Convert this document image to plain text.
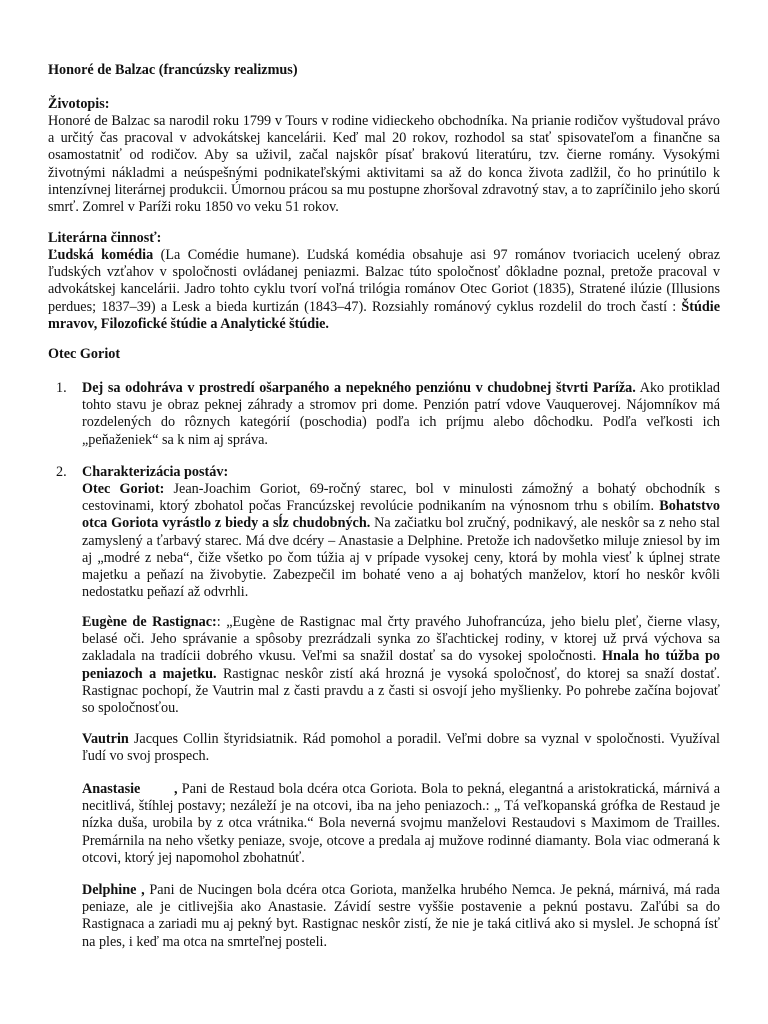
Honoré de Balzac (francúzsky realizmus)

Životopis:

Honoré de Balzac sa narodil roku 1799 v Tours v rodine vidieckeho obchodníka. Na prianie rodičov vyštudoval právo a určitý čas pracoval v advokátskej kancelárii. Keď mal 20 rokov, rozhodol sa stať spisovateľom a finančne sa osamostatniť od rodičov. Aby sa uživil, začal najskôr písať brakovú literatúru, tzv. čierne romány. Vysokými životnými nákladmi a neúspešnými podnikateľskými aktivitami sa až do konca života zadlžil, čo ho prinútilo k intenzívnej literárnej produkcii. Úmornou prácou sa mu postupne zhoršoval zdravotný stav, a to zapríčinilo jeho skorú smrť. Zomrel v Paríži roku 1850 vo veku 51 rokov.

Literárna činnosť:

Ľudská komédia (La Comédie humane). Ľudská komédia obsahuje asi 97 románov tvoriacich ucelený obraz ľudských vzťahov v spoločnosti ovládanej peniazmi. Balzac túto spoločnosť dôkladne poznal, pretože pracoval v advokátskej kancelárii. Jadro tohto cyklu tvorí voľná trilógia románov Otec Goriot (1835), Stratené ilúzie (Illusions perdues; 1837–39) a Lesk a bieda kurtizán (1843–47). Rozsiahly románový cyklus rozdelil do troch častí : Štúdie mravov, Filozofické štúdie a Analytické štúdie.

Otec Goriot

1. Dej sa odohráva v prostredí ošarpaného a nepekného penziónu v chudobnej štvrti Paríža. Ako protiklad tohto stavu je obraz peknej záhrady a stromov pri dome. Penzión patrí vdove Vauquerovej. Nájomníkov má rozdelených do rôznych kategórií (poschodia) podľa ich príjmu alebo dôchodku. Podľa veľkosti ich „peňaženiek“ sa k nim aj správa.

2. Charakterizácia postáv:

Otec Goriot: Jean-Joachim Goriot, 69-ročný starec, bol v minulosti zámožný a bohatý obchodník s cestovinami, ktorý zbohatol počas Francúzskej revolúcie podnikaním na výnosnom trhu s obilím. Bohatstvo otca Goriota vyrástlo z biedy a sĺz chudobných. Na začiatku bol zručný, podnikavý, ale neskôr sa z neho stal zamyslený a ťarbavý starec. Má dve dcéry – Anastasie a Delphine. Pretože ich nadovšetko miluje zniesol by im aj „modré z neba“, čiže všetko po čom túžia aj v prípade vysokej ceny, ktorá by mohla viesť k úplnej strate majetku a peňazí na živobytie. Zabezpečil im bohaté veno a aj bohatých manželov, ktorí ho neskôr kvôli nedostatku peňazí až odvrhli.

Eugène de Rastignac:: „Eugène de Rastignac mal črty pravého Juhofrancúza, jeho bielu pleť, čierne vlasy, belasé oči. Jeho správanie a spôsoby prezrádzali synka zo šľachtickej rodiny, v ktorej už prvá výchova sa zakladala na tradícii dobrého vkusu. Veľmi sa snažil dostať sa do vysokej spoločnosti. Hnala ho túžba po peniazoch a majetku. Rastignac neskôr zistí aká hrozná je vysoká spoločnosť, do ktorej sa snaží dostať. Rastignac pochopí, že Vautrin mal z časti pravdu a z časti si osvojí jeho myšlienky. Po pohrebe začína bojovať so spoločnosťou.

Vautrin Jacques Collin štyridsiatnik. Rád pomohol a poradil. Veľmi dobre sa vyznal v spoločnosti. Využíval ľudí vo svoj prospech.

Anastasie        , Pani de Restaud bola dcéra otca Goriota. Bola to pekná, elegantná a aristokratická, márnivá a necitlivá, štíhlej postavy; nezáleží je na otcovi, iba na jeho peniazoch.: „ Tá veľkopanská grófka de Restaud je nízka duša, urobila by z otca vrátnika.“ Bola neverná svojmu manželovi Restaudovi s Maximom de Trailles. Premárnila na neho všetky peniaze, svoje, otcove a predala aj mužove rodinné diamanty. Bola viac odmeraná k otcovi, ktorý jej napomohol zbohatnúť.

Delphine , Pani de Nucingen bola dcéra otca Goriota, manželka hrubého Nemca. Je pekná, márnivá, má rada peniaze, ale je citlivejšia ako Anastasie. Závidí sestre vyššie postavenie a peknú postavu. Zaľúbi sa do Rastignaca a zariadi mu aj pekný byt. Rastignac neskôr zistí, že nie je taká citlivá ako si myslel. Je schopná ísť na ples, i keď ma otca na smrteľnej posteli.
